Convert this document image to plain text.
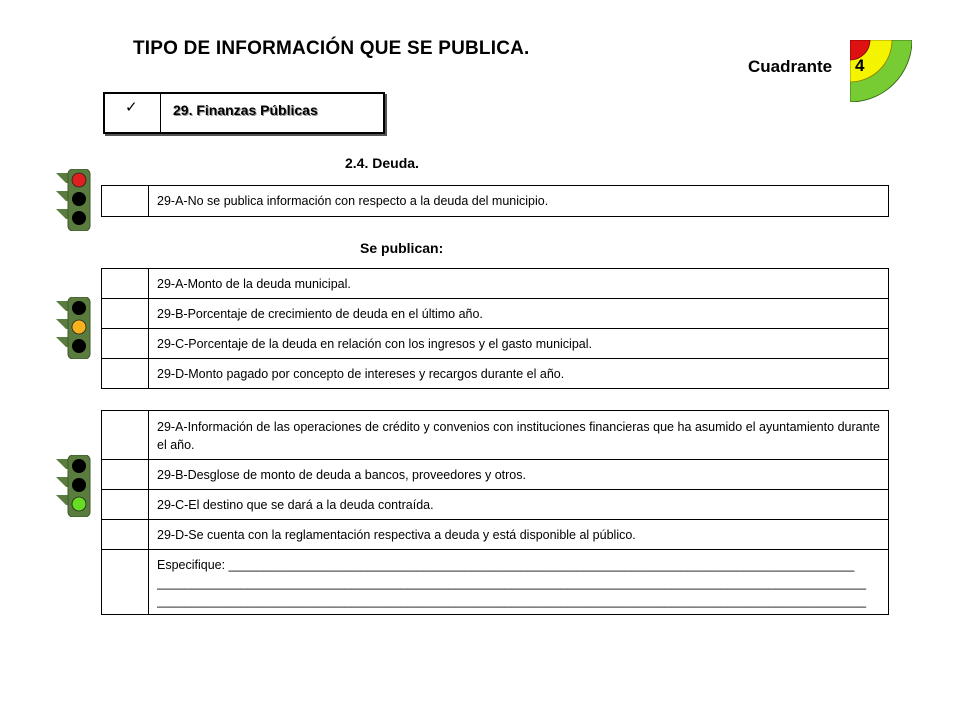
TIPO DE INFORMACIÓN QUE SE PUBLICA.
Cuadrante 4
✓	29. Finanzas Públicas
2.4. Deuda.
	29-A-No se publica información con respecto a la deuda del municipio.
Se publican:
	29-A-Monto de la deuda municipal.
	29-B-Porcentaje de crecimiento de deuda en el último año.
	29-C-Porcentaje de la deuda en relación con los ingresos y el gasto municipal.
	29-D-Monto pagado por concepto de intereses y recargos durante el año.
	29-A-Información de las operaciones de crédito y convenios con instituciones financieras que ha asumido el ayuntamiento durante el año.
	29-B-Desglose de monto de deuda a bancos, proveedores y otros.
	29-C-El destino que se dará a la deuda contraída.
	29-D-Se cuenta con la reglamentación respectiva a deuda y está disponible al público.

	Especifique: __________________________________________________________________________________________
______________________________________________________________________________________________________
______________________________________________________________________________________________________
